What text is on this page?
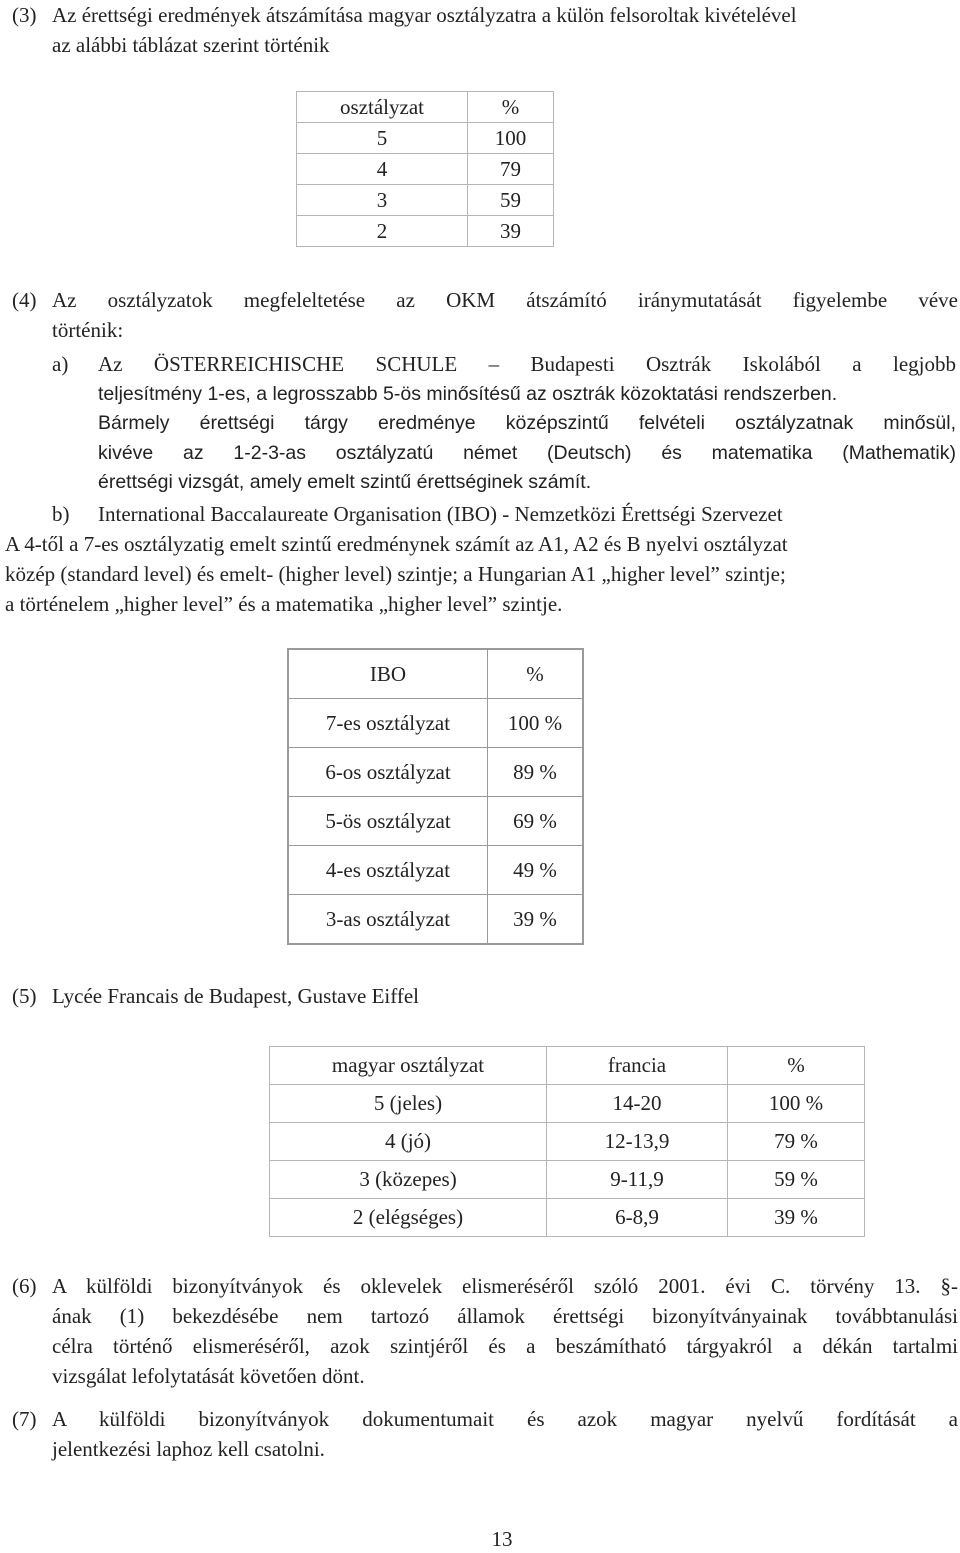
(3) Az érettségi eredmények átszámítása magyar osztályzatra a külön felsoroltak kivételével
az alábbi táblázat szerint történik
osztályzat	%
5	100
4	79
3	59
2	39
(4) Az osztályzatok megfeleltetése az OKM átszámító iránymutatását figyelembe véve
történik:
a) Az ÖSTERREICHISCHE SCHULE – Budapesti Osztrák Iskolából a legjobb
teljesítmény 1-es, a legrosszabb 5-ös minősítésű az osztrák közoktatási rendszerben.
Bármely érettségi tárgy eredménye középszintű felvételi osztályzatnak minősül,
kivéve az 1-2-3-as osztályzatú német (Deutsch) és matematika (Mathematik)
érettségi vizsgát, amely emelt szintű érettséginek számít.
b) International Baccalaureate Organisation (IBO) - Nemzetközi Érettségi Szervezet
A 4-től a 7-es osztályzatig emelt szintű eredménynek számít az A1, A2 és B nyelvi osztályzat
közép (standard level) és emelt- (higher level) szintje; a Hungarian A1 „higher level” szintje;
a történelem „higher level” és a matematika „higher level” szintje.
IBO	%
7-es osztályzat	100 %
6-os osztályzat	89 %
5-ös osztályzat	69 %
4-es osztályzat	49 %
3-as osztályzat	39 %
(5) Lycée Francais de Budapest, Gustave Eiffel
magyar osztályzat	francia	%
5 (jeles)	14-20	100 %
4 (jó)	12-13,9	79 %
3 (közepes)	9-11,9	59 %
2 (elégséges)	6-8,9	39 %
(6) A külföldi bizonyítványok és oklevelek elismeréséről szóló 2001. évi C. törvény 13. §-
ának (1) bekezdésébe nem tartozó államok érettségi bizonyítványainak továbbtanulási
célra történő elismeréséről, azok szintjéről és a beszámítható tárgyakról a dékán tartalmi
vizsgálat lefolytatását követően dönt.
(7) A külföldi bizonyítványok dokumentumait és azok magyar nyelvű fordítását a
jelentkezési laphoz kell csatolni.
13
